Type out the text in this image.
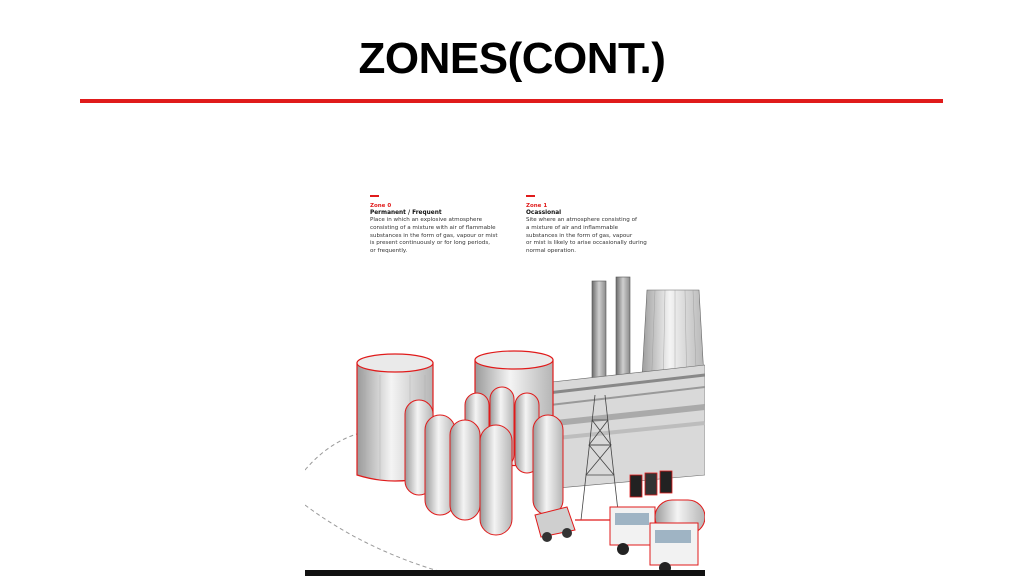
ZONES(CONT.)
Zone 0
Permanent / Frequent
Place in which an explosive atmosphere
consisting of a mixture with air of flammable
substances in the form of gas, vapour or mist
is present continuously or for long periods,
or frequently.
Zone 1
Ocassional
Site where an atmosphere consisting of
a mixture of air and inflammable
substances in the form of gas, vapour
or mist is likely to arise occasionally during
normal operation.
